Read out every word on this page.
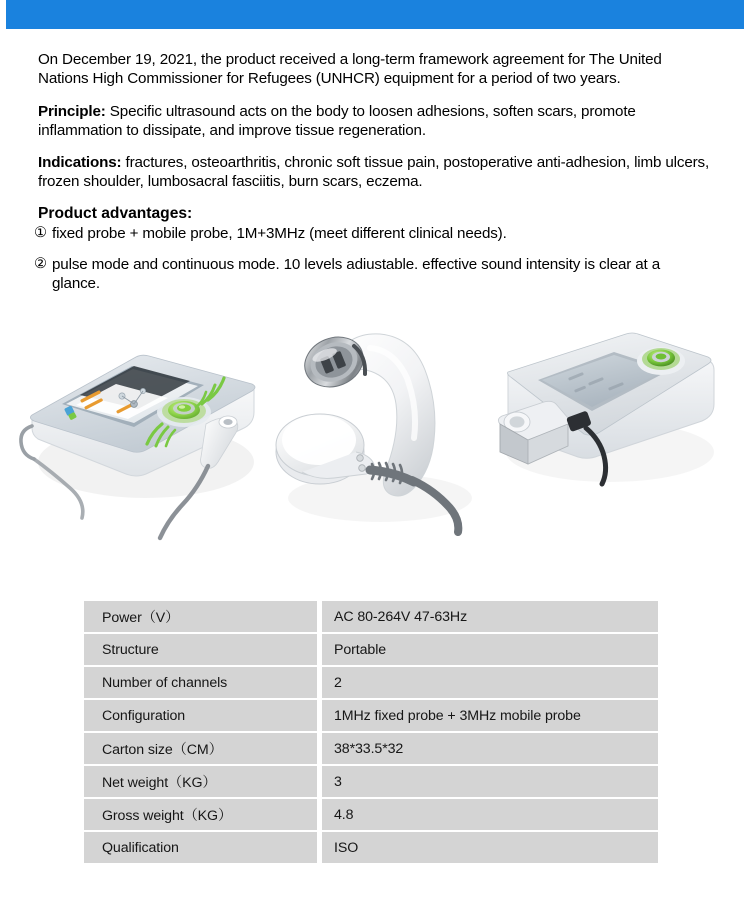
On December 19, 2021, the product received a long-term framework agreement for The United Nations High Commissioner for Refugees (UNHCR) equipment for a period of two years.

Principle: Specific ultrasound acts on the body to loosen adhesions, soften scars, promote inflammation to dissipate, and improve tissue regeneration.

Indications: fractures, osteoarthritis, chronic soft tissue pain, postoperative anti-adhesion, limb ulcers, frozen shoulder, lumbosacral fasciitis, burn scars, eczema.

Product advantages:

① fixed probe + mobile probe, 1M+3MHz (meet different clinical needs).

② pulse mode and continuous mode. 10 levels adiustable. effective sound intensity is clear at a glance.

Power（V）	AC 80-264V 47-63Hz
Structure	Portable
Number of channels	2
Configuration	1MHz fixed probe + 3MHz mobile probe
Carton size（CM）	38*33.5*32
Net weight（KG）	3
Gross weight（KG）	4.8
Qualification	ISO
